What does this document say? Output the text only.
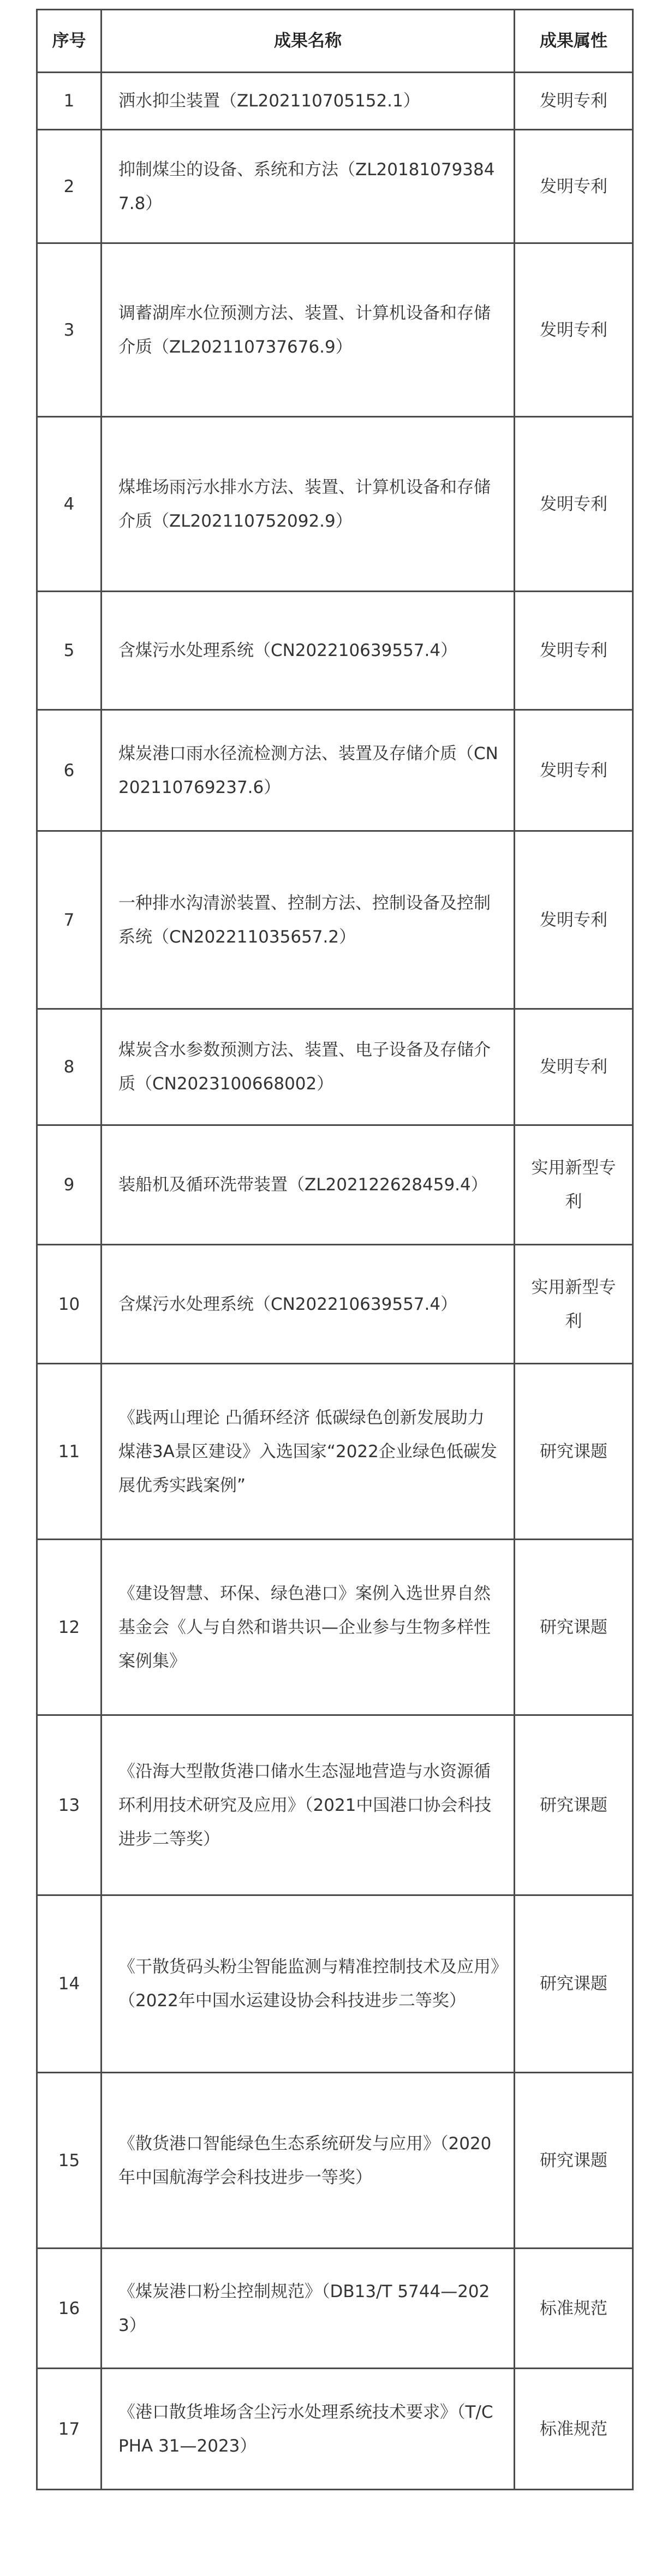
序号	成果名称	成果属性
1	洒水抑尘装置（ZL202110705152.1）	发明专利
2	抑制煤尘的设备、系统和方法（ZL201810793847.8）	发明专利
3	调蓄湖库水位预测方法、装置、计算机设备和存储介质（ZL202110737676.9）	发明专利
4	煤堆场雨污水排水方法、装置、计算机设备和存储介质（ZL202110752092.9）	发明专利
5	含煤污水处理系统（CN202210639557.4）	发明专利
6	煤炭港口雨水径流检测方法、装置及存储介质（CN202110769237.6）	发明专利
7	一种排水沟清淤装置、控制方法、控制设备及控制系统（CN202211035657.2）	发明专利
8	煤炭含水参数预测方法、装置、电子设备及存储介质（CN2023100668002）	发明专利
9	装船机及循环洗带装置（ZL202122628459.4）	实用新型专利
10	含煤污水处理系统（CN202210639557.4）	实用新型专利
11	《践两山理论 凸循环经济 低碳绿色创新发展助力煤港3A景区建设》入选国家“2022企业绿色低碳发展优秀实践案例”	研究课题
12	《建设智慧、环保、绿色港口》案例入选世界自然基金会《人与自然和谐共识—企业参与生物多样性案例集》	研究课题
13	《沿海大型散货港口储水生态湿地营造与水资源循环利用技术研究及应用》（2021中国港口协会科技进步二等奖）	研究课题
14	《干散货码头粉尘智能监测与精准控制技术及应用》（2022年中国水运建设协会科技进步二等奖）	研究课题
15	《散货港口智能绿色生态系统研发与应用》（2020年中国航海学会科技进步一等奖）	研究课题
16	《煤炭港口粉尘控制规范》（DB13/T 5744—2023）	标准规范
17	《港口散货堆场含尘污水处理系统技术要求》（T/CPHA 31—2023）	标准规范
